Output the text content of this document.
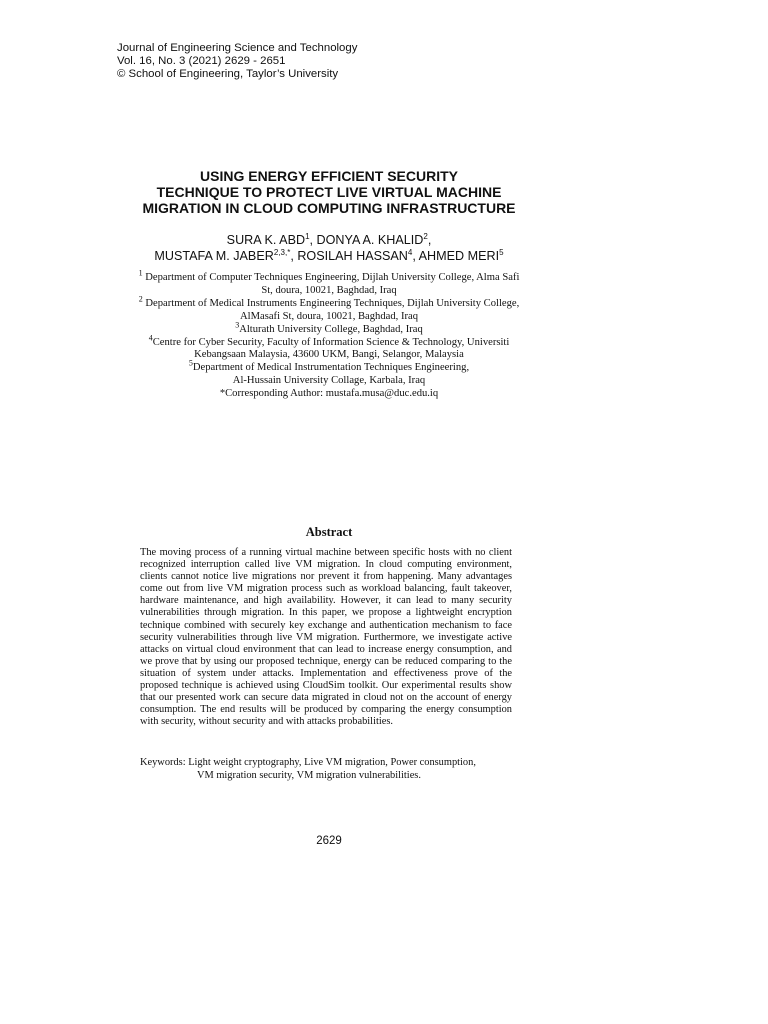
Journal of Engineering Science and Technology
Vol. 16, No. 3 (2021) 2629 - 2651
© School of Engineering, Taylor’s University
USING ENERGY EFFICIENT SECURITY
TECHNIQUE TO PROTECT LIVE VIRTUAL MACHINE
MIGRATION IN CLOUD COMPUTING INFRASTRUCTURE
SURA K. ABD$^1$, DONYA A. KHALID$^2$,
MUSTAFA M. $JABER^{2,3,*}$, ROSILAH HASSAN$^4$, AHMED MERI$^5$
$^1$ Department of Computer Techniques Engineering, Dijlah University College, Alma Safi
St, doura, 10021, Baghdad, Iraq
$^2$ Department of Medical Instruments Engineering Techniques, Dijlah University College,
AlMasafi St, doura, 10021, Baghdad, Iraq
$^3$Alturath University College, Baghdad, Iraq
$^4$Centre for Cyber Security, Faculty of Information Science & Technology, Universiti
Kebangsaan Malaysia, 43600 UKM, Bangi, Selangor, Malaysia
$^5$Department of Medical Instrumentation Techniques Engineering,
Al-Hussain University Collage, Karbala, Iraq
*Corresponding Author: mustafa.musa@duc.edu.iq
Abstract
The moving process of a running virtual machine between specific hosts with no client recognized interruption called live VM migration. In cloud computing environment, clients cannot notice live migrations nor prevent it from happening. Many advantages come out from live VM migration process such as workload balancing, fault takeover, hardware maintenance, and high availability. However, it can lead to many security vulnerabilities through migration. In this paper, we propose a lightweight encryption technique combined with securely key exchange and authentication mechanism to face security vulnerabilities through live VM migration. Furthermore, we investigate active attacks on virtual cloud environment that can lead to increase energy consumption, and we prove that by using our proposed technique, energy can be reduced comparing to the situation of system under attacks. Implementation and effectiveness prove of the proposed technique is achieved using CloudSim toolkit. Our experimental results show that our presented work can secure data migrated in cloud not on the account of energy consumption. The end results will be produced by comparing the energy consumption with security, without security and with attacks probabilities.
Keywords: Light weight cryptography, Live VM migration, Power consumption,
VM migration security, VM migration vulnerabilities.
2629
